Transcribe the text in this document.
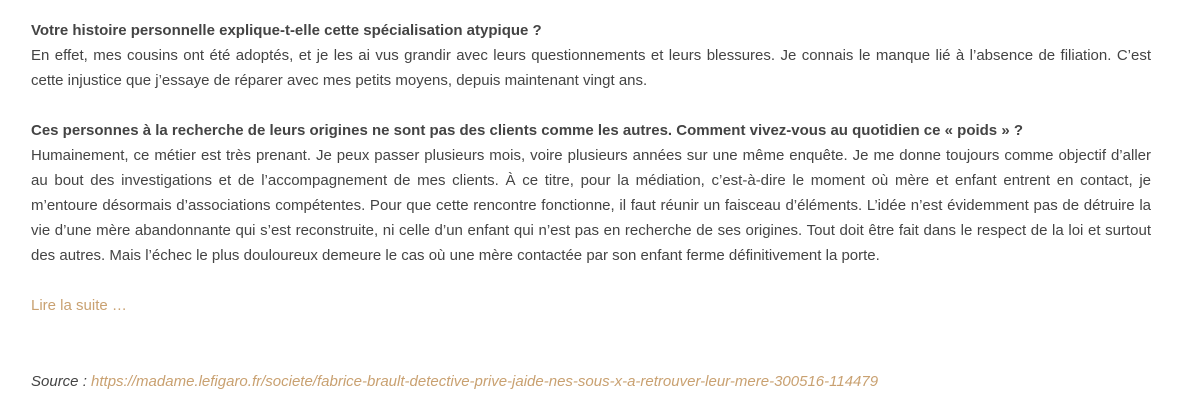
Votre histoire personnelle explique-t-elle cette spécialisation atypique ?

En effet, mes cousins ont été adoptés, et je les ai vus grandir avec leurs questionnements et leurs blessures. Je connais le manque lié à l’absence de filiation. C’est cette injustice que j’essaye de réparer avec mes petits moyens, depuis maintenant vingt ans.

Ces personnes à la recherche de leurs origines ne sont pas des clients comme les autres. Comment vivez-vous au quotidien ce « poids » ?

Humainement, ce métier est très prenant. Je peux passer plusieurs mois, voire plusieurs années sur une même enquête. Je me donne toujours comme objectif d’aller au bout des investigations et de l’accompagnement de mes clients. À ce titre, pour la médiation, c’est-à-dire le moment où mère et enfant entrent en contact, je m’entoure désormais d’associations compétentes. Pour que cette rencontre fonctionne, il faut réunir un faisceau d’éléments. L’idée n’est évidemment pas de détruire la vie d’une mère abandonnante qui s’est reconstruite, ni celle d’un enfant qui n’est pas en recherche de ses origines. Tout doit être fait dans le respect de la loi et surtout des autres. Mais l’échec le plus douloureux demeure le cas où une mère contactée par son enfant ferme définitivement la porte.

Lire la suite …
Source : https://madame.lefigaro.fr/societe/fabrice-brault-detective-prive-jaide-nes-sous-x-a-retrouver-leur-mere-300516-114479
